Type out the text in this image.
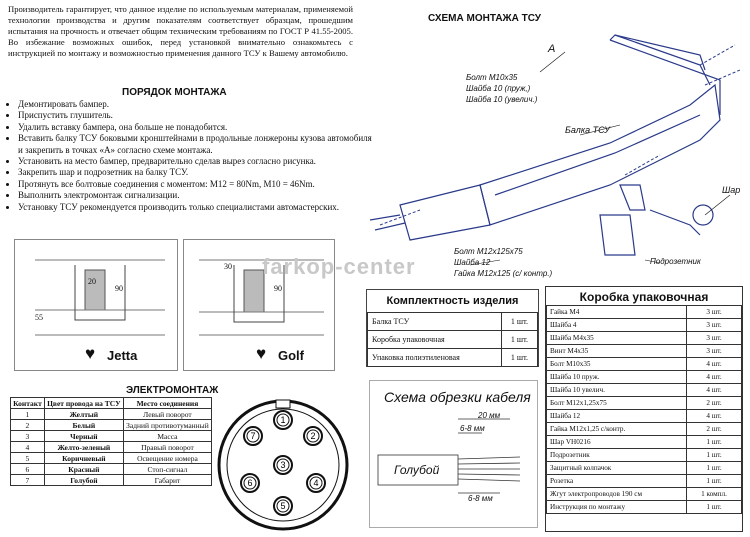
Производитель гарантирует, что данное изделие по используемым материалам, применяемой технологии производства и другим показателям соответствует образцам, прошедшим испытания на прочность и отвечает общим техническим требованиям по ГОСТ Р 41.55-2005. Во избежание возможных ошибок, перед установкой внимательно ознакомьтесь с инструкцией по монтажу и возможностью применения данного ТСУ к Вашему автомобилю.
ПОРЯДОК МОНТАЖА
• Демонтировать бампер.
• Приспустить глушитель.
• Удалить вставку бампера, она больше не понадобится.
• Вставить балку ТСУ боковыми кронштейнами в продольные лонжероны кузова автомобиля и закрепить в точках «А» согласно схеме монтажа.
• Установить на место бампер, предварительно сделав вырез согласно рисунка.
• Закрепить шар и подрозетник на балку ТСУ.
• Протянуть все болтовые соединения с моментом: М12 = 80Nm, М10 = 46Nm.
• Выполнить электромонтаж сигнализации.
• Установку ТСУ рекомендуется производить только специалистами автомастерских.
СХЕМА МОНТАЖА ТСУ
А
Болт М10х35
Шайба 10 (пруж,)
Шайба 10 (увелич.)
Балка ТСУ
Шар
Подрозетник
Болт М12х125х75
Шайба 12
Гайка М12х125 (с/ контр.)
20
90
55
♥ Jetta
30
90
♥ Golf
farkop-center
ЭЛЕКТРОМОНТАЖ
Контакт	Цвет провода на ТСУ	Место соединения
1	Желтый	Левый поворот
2	Белый	Задний противотуманный
3	Черный	Масса
4	Желто-зеленый	Правый поворот
5	Коричневый	Освещение номера
6	Красный	Стоп-сигнал
7	Голубой	Габарит
1
2
3
4
5
6
7
Комплектность изделия
Балка ТСУ	1 шт.
Коробка упаковочная	1 шт.
Упаковка полиэтиленовая	1 шт.
Схема обрезки кабеля
20 мм
6-8 мм
Голубой
6-8 мм
Коробка упаковочная
Гайка М4	3 шт.
Шайба 4	3 шт.
Шайба М4х35	3 шт.
Винт М4х35	3 шт.
Болт М10х35	4 шт.
Шайба 10 пруж.	4 шт.
Шайба 10 увелич.	4 шт.
Болт М12х1,25х75	2 шт.
Шайба 12	4 шт.
Гайка М12х1,25 с/контр.	2 шт.
Шар VH0216	1 шт.
Подрозетник	1 шт.
Защитный колпачок	1 шт.
Розетка	1 шт.
Жгут электропроводов 190 см	1 компл.
Инструкция по монтажу	1 шт.
